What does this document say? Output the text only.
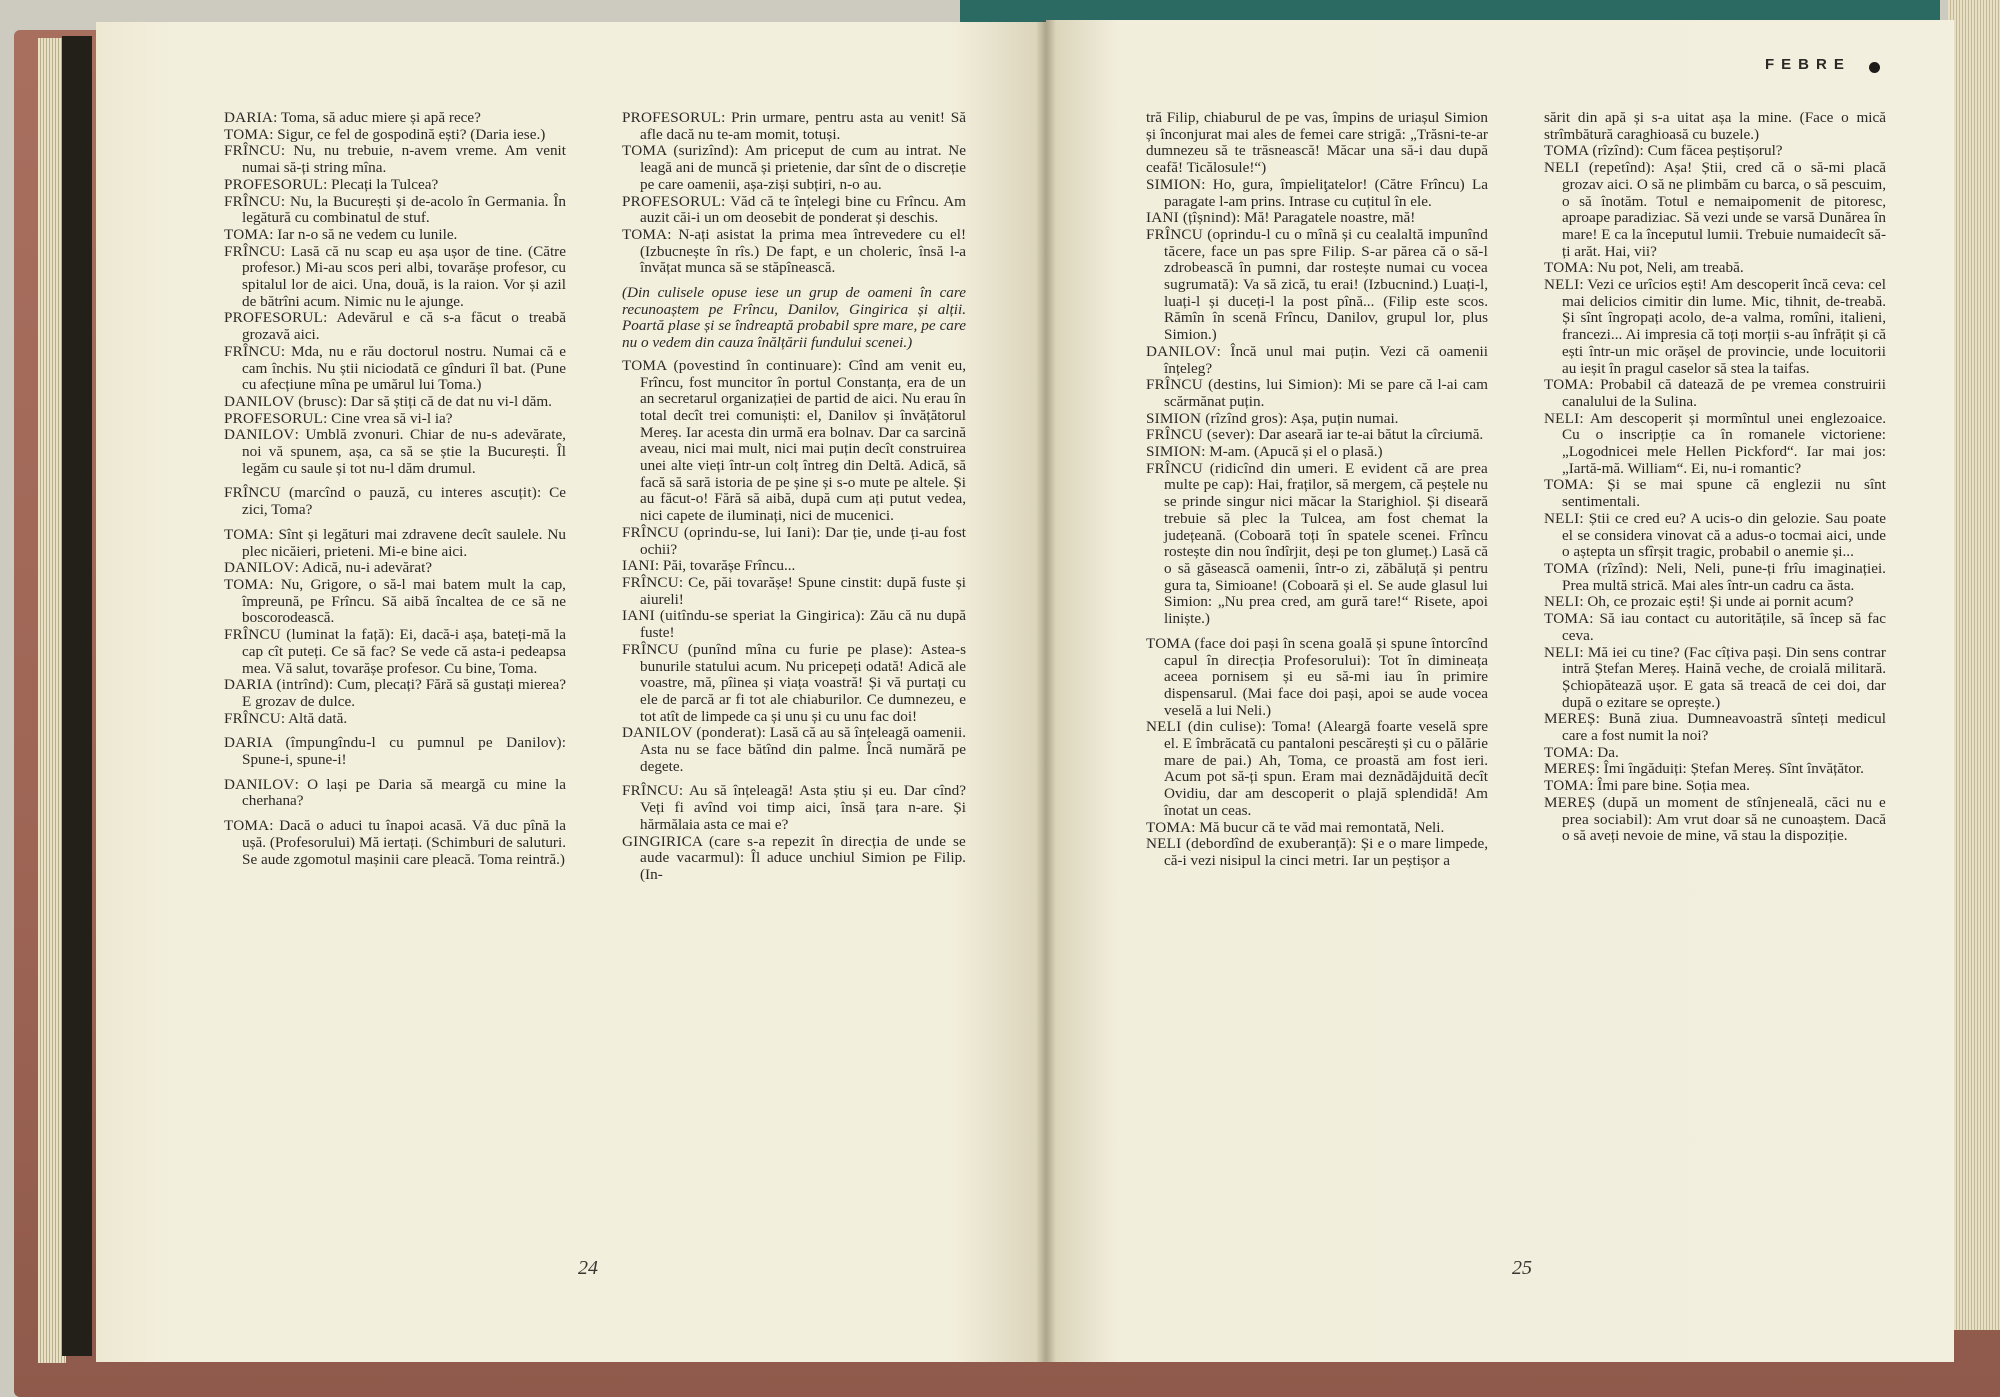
FEBRE

DARIA: Toma, să aduc miere și apă rece?

TOMA: Sigur, ce fel de gospodină ești? (Daria iese.)

FRÎNCU: Nu, nu trebuie, n-avem vreme. Am venit numai să-ți string mîna.

PROFESORUL: Plecați la Tulcea?

FRÎNCU: Nu, la București și de-acolo în Germania. În legătură cu combinatul de stuf.

TOMA: Iar n-o să ne vedem cu lunile.

FRÎNCU: Lasă că nu scap eu așa ușor de tine. (Către profesor.) Mi-au scos peri albi, tovarășe profesor, cu spitalul lor de aici. Una, două, is la raion. Vor și azil de bătrîni acum. Nimic nu le ajunge.

PROFESORUL: Adevărul e că s-a făcut o treabă grozavă aici.

FRÎNCU: Mda, nu e rău doctorul nostru. Numai că e cam închis. Nu știi niciodată ce gînduri îl bat. (Pune cu afecțiune mîna pe umărul lui Toma.)

DANILOV (brusc): Dar să știți că de dat nu vi-l dăm.

PROFESORUL: Cine vrea să vi-l ia?

DANILOV: Umblă zvonuri. Chiar de nu-s adevărate, noi vă spunem, așa, ca să se știe la București. Îl legăm cu saule și tot nu-l dăm drumul.

FRÎNCU (marcînd o pauză, cu interes ascuțit): Ce zici, Toma?

TOMA: Sînt și legături mai zdravene decît saulele. Nu plec nicăieri, prieteni. Mi-e bine aici.

DANILOV: Adică, nu-i adevărat?

TOMA: Nu, Grigore, o să-l mai batem mult la cap, împreună, pe Frîncu. Să aibă încaltea de ce să ne boscorodească.

FRÎNCU (luminat la față): Ei, dacă-i așa, bateți-mă la cap cît puteți. Ce să fac? Se vede că asta-i pedeapsa mea. Vă salut, tovarășe profesor. Cu bine, Toma.

DARIA (intrînd): Cum, plecați? Fără să gustați mierea? E grozav de dulce.

FRÎNCU: Altă dată.

DARIA (împungîndu-l cu pumnul pe Danilov): Spune-i, spune-i!

DANILOV: O lași pe Daria să meargă cu mine la cherhana?

TOMA: Dacă o aduci tu înapoi acasă. Vă duc pînă la ușă. (Profesorului) Mă iertați. (Schimburi de saluturi. Se aude zgomotul mașinii care pleacă. Toma reintră.)

PROFESORUL: Prin urmare, pentru asta au venit! Să afle dacă nu te-am momit, totuși.

TOMA (surizînd): Am priceput de cum au intrat. Ne leagă ani de muncă și prietenie, dar sînt de o discreție pe care oamenii, așa-ziși subțiri, n-o au.

PROFESORUL: Văd că te înțelegi bine cu Frîncu. Am auzit căi-i un om deosebit de ponderat și deschis.

TOMA: N-ați asistat la prima mea întrevedere cu el! (Izbucnește în rîs.) De fapt, e un choleric, însă l-a învățat munca să se stăpînească.

(Din culisele opuse iese un grup de oameni în care recunoaștem pe Frîncu, Danilov, Gingirica și alții. Poartă plase și se îndreaptă probabil spre mare, pe care nu o vedem din cauza înălțării fundului scenei.)

TOMA (povestind în continuare): Cînd am venit eu, Frîncu, fost muncitor în portul Constanța, era de un an secretarul organizației de partid de aici. Nu erau în total decît trei comuniști: el, Danilov și învățătorul Mereș. Iar acesta din urmă era bolnav. Dar ca sarcină aveau, nici mai mult, nici mai puțin decît construirea unei alte vieți într-un colț întreg din Deltă. Adică, să facă să sară istoria de pe șine și s-o mute pe altele. Și au făcut-o! Fără să aibă, după cum ați putut vedea, nici capete de iluminați, nici de mucenici.

FRÎNCU (oprindu-se, lui Iani): Dar ție, unde ți-au fost ochii?

IANI: Păi, tovarășe Frîncu...

FRÎNCU: Ce, păi tovarășe! Spune cinstit: după fuste și aiureli!

IANI (uitîndu-se speriat la Gingirica): Zău că nu după fuste!

FRÎNCU (punînd mîna cu furie pe plase): Astea-s bunurile statului acum. Nu pricepeți odată! Adică ale voastre, mă, pîinea și viața voastră! Și vă purtați cu ele de parcă ar fi tot ale chiaburilor. Ce dumnezeu, e tot atît de limpede ca și unu și cu unu fac doi!

DANILOV (ponderat): Lasă că au să înțeleagă oamenii. Asta nu se face bătînd din palme. Încă numără pe degete.

FRÎNCU: Au să înțeleagă! Asta știu și eu. Dar cînd? Veți fi avînd voi timp aici, însă țara n-are. Și hărmălaia asta ce mai e?

GINGIRICA (care s-a repezit în direcția de unde se aude vacarmul): Îl aduce unchiul Simion pe Filip. (In-

tră Filip, chiaburul de pe vas, împins de uriașul Simion și înconjurat mai ales de femei care strigă: „Trăsni-te-ar dumnezeu să te trăsnească! Măcar una să-i dau după ceafă! Ticălosule!“)

SIMION: Ho, gura, împieliţatelor! (Către Frîncu) La paragate l-am prins. Intrase cu cuțitul în ele.

IANI (țîșnind): Mă! Paragatele noastre, mă!

FRÎNCU (oprindu-l cu o mînă și cu cealaltă impunînd tăcere, face un pas spre Filip. S-ar părea că o să-l zdrobească în pumni, dar rostește numai cu vocea sugrumată): Va să zică, tu erai! (Izbucnind.) Luați-l, luați-l și duceți-l la post pînă... (Filip este scos. Rămîn în scenă Frîncu, Danilov, grupul lor, plus Simion.)

DANILOV: Încă unul mai puțin. Vezi că oamenii înțeleg?

FRÎNCU (destins, lui Simion): Mi se pare că l-ai cam scărmănat puțin.

SIMION (rîzînd gros): Așa, puțin numai.

FRÎNCU (sever): Dar aseară iar te-ai bătut la cîrciumă.

SIMION: M-am. (Apucă și el o plasă.)

FRÎNCU (ridicînd din umeri. E evident că are prea multe pe cap): Hai, fraților, să mergem, că peștele nu se prinde singur nici măcar la Starighiol. Și diseară trebuie să plec la Tulcea, am fost chemat la județeană. (Coboară toți în spatele scenei. Frîncu rostește din nou îndîrjit, deși pe ton glumeț.) Lasă că o să găsească oamenii, într-o zi, zăbăluță și pentru gura ta, Simioane! (Coboară și el. Se aude glasul lui Simion: „Nu prea cred, am gură tare!“ Risete, apoi liniște.)

TOMA (face doi pași în scena goală și spune întorcînd capul în direcția Profesorului): Tot în dimineața aceea pornisem și eu să-mi iau în primire dispensarul. (Mai face doi pași, apoi se aude vocea veselă a lui Neli.)

NELI (din culise): Toma! (Aleargă foarte veselă spre el. E îmbrăcată cu pantaloni pescărești și cu o pălărie mare de pai.) Ah, Toma, ce proastă am fost ieri. Acum pot să-ți spun. Eram mai deznădăjduită decît Ovidiu, dar am descoperit o plajă splendidă! Am înotat un ceas.

TOMA: Mă bucur că te văd mai remontată, Neli.

NELI (debordînd de exuberanță): Și e o mare limpede, că-i vezi nisipul la cinci metri. Iar un peștișor a

sărit din apă și s-a uitat așa la mine. (Face o mică strîmbătură caraghioasă cu buzele.)

TOMA (rîzînd): Cum făcea peștișorul?

NELI (repetînd): Așa! Știi, cred că o să-mi placă grozav aici. O să ne plimbăm cu barca, o să pescuim, o să înotăm. Totul e nemaipomenit de pitoresc, aproape paradiziac. Să vezi unde se varsă Dunărea în mare! E ca la începutul lumii. Trebuie numaidecît să-ți arăt. Hai, vii?

TOMA: Nu pot, Neli, am treabă.

NELI: Vezi ce urîcios ești! Am descoperit încă ceva: cel mai delicios cimitir din lume. Mic, tihnit, de-treabă. Și sînt îngropați acolo, de-a valma, romîni, italieni, francezi... Ai impresia că toți morții s-au înfrățit și că ești într-un mic orășel de provincie, unde locuitorii au ieșit în pragul caselor să stea la taifas.

TOMA: Probabil că datează de pe vremea construirii canalului de la Sulina.

NELI: Am descoperit și mormîntul unei englezoaice. Cu o inscripție ca în romanele victoriene: „Logodnicei mele Hellen Pickford“. Iar mai jos: „Iartă-mă. William“. Ei, nu-i romantic?

TOMA: Și se mai spune că englezii nu sînt sentimentali.

NELI: Știi ce cred eu? A ucis-o din gelozie. Sau poate el se considera vinovat că a adus-o tocmai aici, unde o aștepta un sfîrșit tragic, probabil o anemie și...

TOMA (rîzînd): Neli, Neli, pune-ți frîu imaginației. Prea multă strică. Mai ales într-un cadru ca ăsta.

NELI: Oh, ce prozaic ești! Și unde ai pornit acum?

TOMA: Să iau contact cu autoritățile, să încep să fac ceva.

NELI: Mă iei cu tine? (Fac cîțiva pași. Din sens contrar intră Ștefan Mereș. Haină veche, de croială militară. Șchiopătează ușor. E gata să treacă de cei doi, dar după o ezitare se oprește.)

MEREȘ: Bună ziua. Dumneavoastră sînteți medicul care a fost numit la noi?

TOMA: Da.

MEREȘ: Îmi îngăduiți: Ștefan Mereș. Sînt învățător.

TOMA: Îmi pare bine. Soția mea.

MEREȘ (după un moment de stînjeneală, căci nu e prea sociabil): Am vrut doar să ne cunoaștem. Dacă o să aveți nevoie de mine, vă stau la dispoziție.

24	25
